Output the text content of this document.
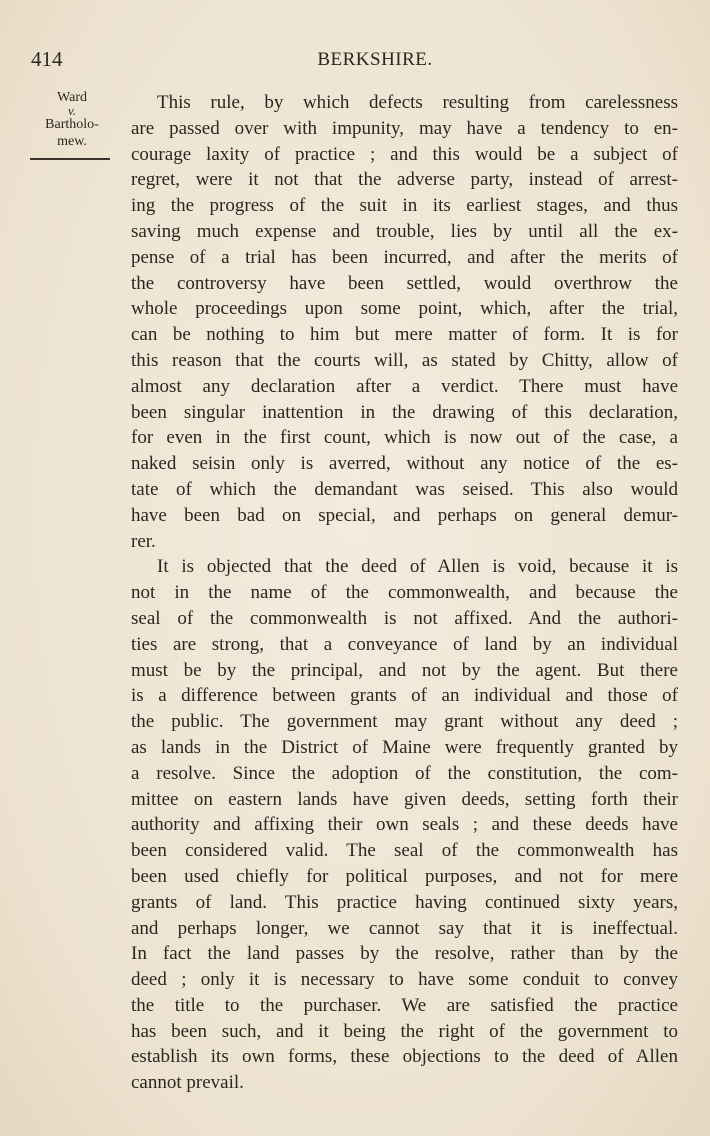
414	BERKSHIRE.
Ward
v.
Bartholo-
mew.
This rule, by which defects resulting from carelessness
are passed over with impunity, may have a tendency to en-
courage laxity of practice ; and this would be a subject of
regret, were it not that the adverse party, instead of arrest-
ing the progress of the suit in its earliest stages, and thus
saving much expense and trouble, lies by until all the ex-
pense of a trial has been incurred, and after the merits of
the controversy have been settled, would overthrow the
whole proceedings upon some point, which, after the trial,
can be nothing to him but mere matter of form. It is for
this reason that the courts will, as stated by Chitty, allow of
almost any declaration after a verdict. There must have
been singular inattention in the drawing of this declaration,
for even in the first count, which is now out of the case, a
naked seisin only is averred, without any notice of the es-
tate of which the demandant was seised. This also would
have been bad on special, and perhaps on general demur-
rer.
It is objected that the deed of Allen is void, because it is
not in the name of the commonwealth, and because the
seal of the commonwealth is not affixed. And the authori-
ties are strong, that a conveyance of land by an individual
must be by the principal, and not by the agent. But there
is a difference between grants of an individual and those of
the public. The government may grant without any deed ;
as lands in the District of Maine were frequently granted by
a resolve. Since the adoption of the constitution, the com-
mittee on eastern lands have given deeds, setting forth their
authority and affixing their own seals ; and these deeds have
been considered valid. The seal of the commonwealth has
been used chiefly for political purposes, and not for mere
grants of land. This practice having continued sixty years,
and perhaps longer, we cannot say that it is ineffectual.
In fact the land passes by the resolve, rather than by the
deed ; only it is necessary to have some conduit to convey
the title to the purchaser. We are satisfied the practice
has been such, and it being the right of the government to
establish its own forms, these objections to the deed of Allen
cannot prevail.
